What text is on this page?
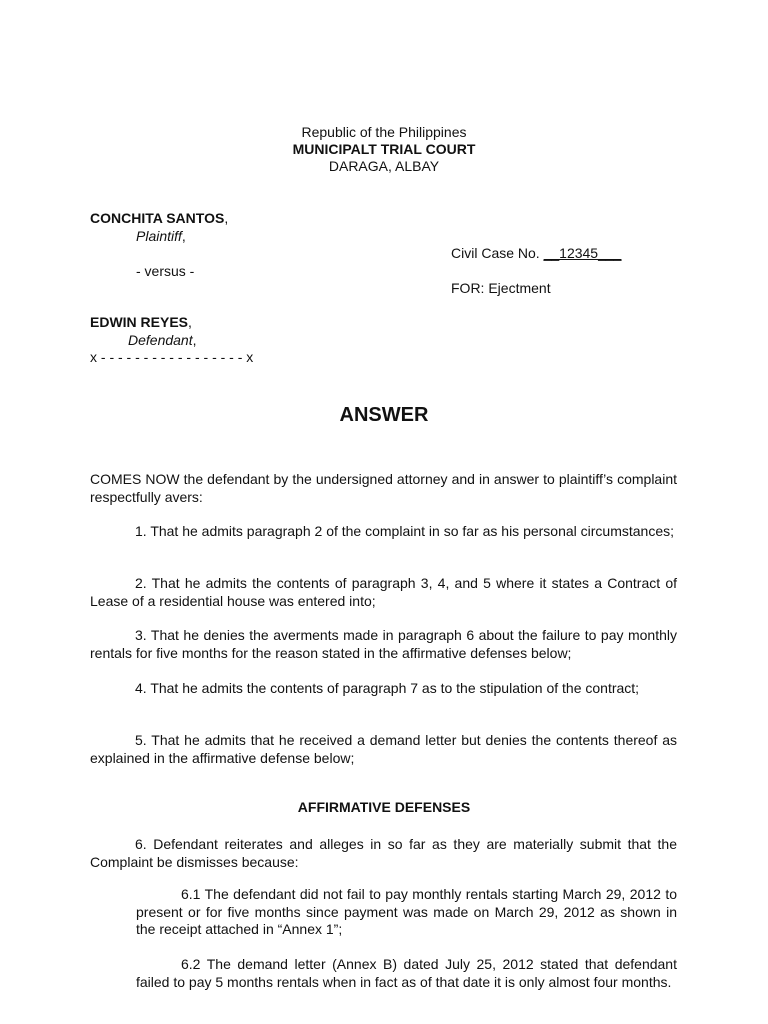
Republic of the Philippines
MUNICIPALT TRIAL COURT
DARAGA, ALBAY
CONCHITA SANTOS,
Plaintiff,
Civil Case No. __12345___
- versus -
FOR: Ejectment
EDWIN REYES,
Defendant,
x - - - - - - - - - - - - - - - - - x
ANSWER
COMES NOW the defendant by the undersigned attorney and in answer to plaintiff’s complaint respectfully avers:
1. That he admits paragraph 2 of the complaint in so far as his personal circumstances;
2. That he admits the contents of paragraph 3, 4, and 5 where it states a Contract of Lease of a residential house was entered into;
3. That he denies the averments made in paragraph 6 about the failure to pay monthly rentals for five months for the reason stated in the affirmative defenses below;
4. That he admits the contents of paragraph 7 as to the stipulation of the contract;
5. That he admits that he received a demand letter but denies the contents thereof as explained in the affirmative defense below;
AFFIRMATIVE DEFENSES
6. Defendant reiterates and alleges in so far as they are materially submit that the Complaint be dismisses because:
6.1 The defendant did not fail to pay monthly rentals starting March 29, 2012 to present or for five months since payment was made on March 29, 2012 as shown in the receipt attached in “Annex 1”;
6.2 The demand letter (Annex B) dated July 25, 2012 stated that defendant failed to pay 5 months rentals when in fact as of that date it is only almost four months.
